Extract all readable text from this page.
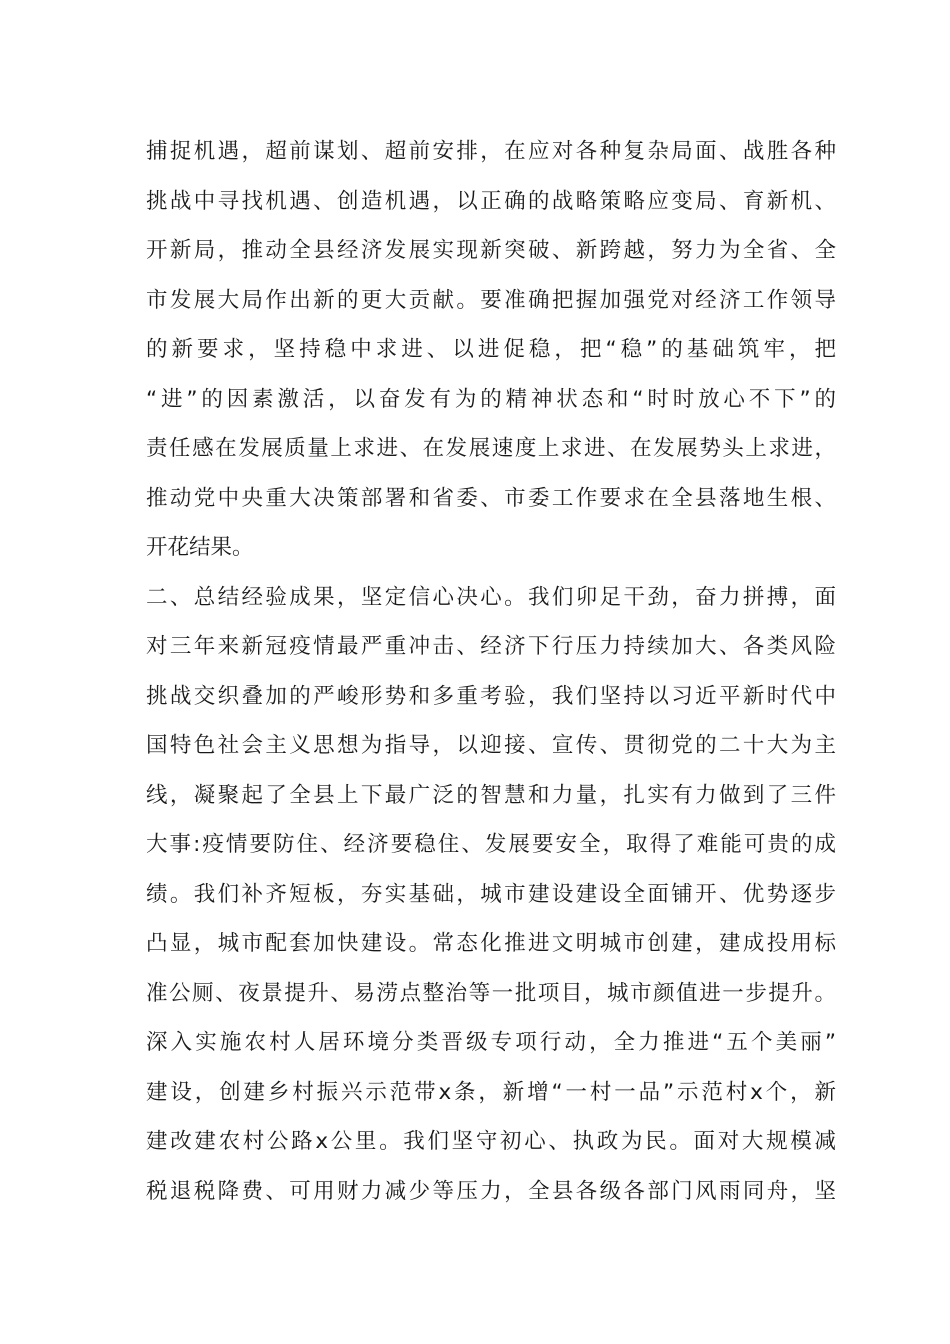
捕捉机遇，超前谋划、超前安排，在应对各种复杂局面、战胜各种
挑战中寻找机遇、创造机遇，以正确的战略策略应变局、育新机、
开新局，推动全县经济发展实现新突破、新跨越，努力为全省、全
市发展大局作出新的更大贡献。要准确把握加强党对经济工作领导
的新要求，坚持稳中求进、以进促稳，把“稳”的基础筑牢，把
“进”的因素激活，以奋发有为的精神状态和“时时放心不下”的
责任感在发展质量上求进、在发展速度上求进、在发展势头上求进，
推动党中央重大决策部署和省委、市委工作要求在全县落地生根、
开花结果。
二、总结经验成果，坚定信心决心。我们卯足干劲，奋力拼搏，面
对三年来新冠疫情最严重冲击、经济下行压力持续加大、各类风险
挑战交织叠加的严峻形势和多重考验，我们坚持以习近平新时代中
国特色社会主义思想为指导，以迎接、宣传、贯彻党的二十大为主
线，凝聚起了全县上下最广泛的智慧和力量，扎实有力做到了三件
大事:疫情要防住、经济要稳住、发展要安全，取得了难能可贵的成
绩。我们补齐短板，夯实基础，城市建设建设全面铺开、优势逐步
凸显，城市配套加快建设。常态化推进文明城市创建，建成投用标
准公厕、夜景提升、易涝点整治等一批项目，城市颜值进一步提升。
深入实施农村人居环境分类晋级专项行动，全力推进“五个美丽”
建设，创建乡村振兴示范带x条，新增“一村一品”示范村x个，新
建改建农村公路x公里。我们坚守初心、执政为民。面对大规模减
税退税降费、可用财力减少等压力，全县各级各部门风雨同舟，坚
